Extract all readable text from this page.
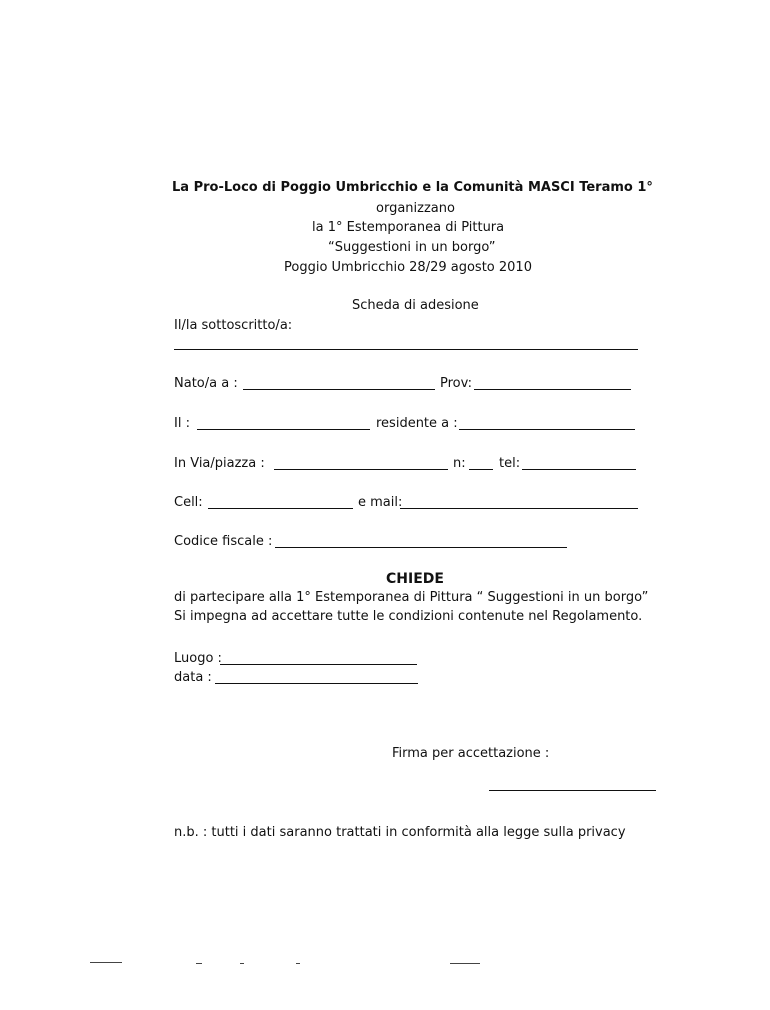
La Pro-Loco di Poggio Umbricchio e la Comunità MASCI Teramo 1°
organizzano
la 1° Estemporanea di Pittura
“Suggestioni in un borgo”
Poggio Umbricchio 28/29 agosto 2010
Scheda di adesione
Il/la sottoscritto/a:
Nato/a a :	Prov:
Il :	residente a :
In Via/piazza :	n:	tel:
Cell:	e mail:
Codice fiscale :
CHIEDE
di partecipare alla 1° Estemporanea di Pittura “ Suggestioni in un borgo”
Si impegna ad accettare tutte le condizioni contenute nel Regolamento.
Luogo :
data :
Firma per accettazione :
n.b. : tutti i dati saranno trattati in conformità alla legge sulla privacy
